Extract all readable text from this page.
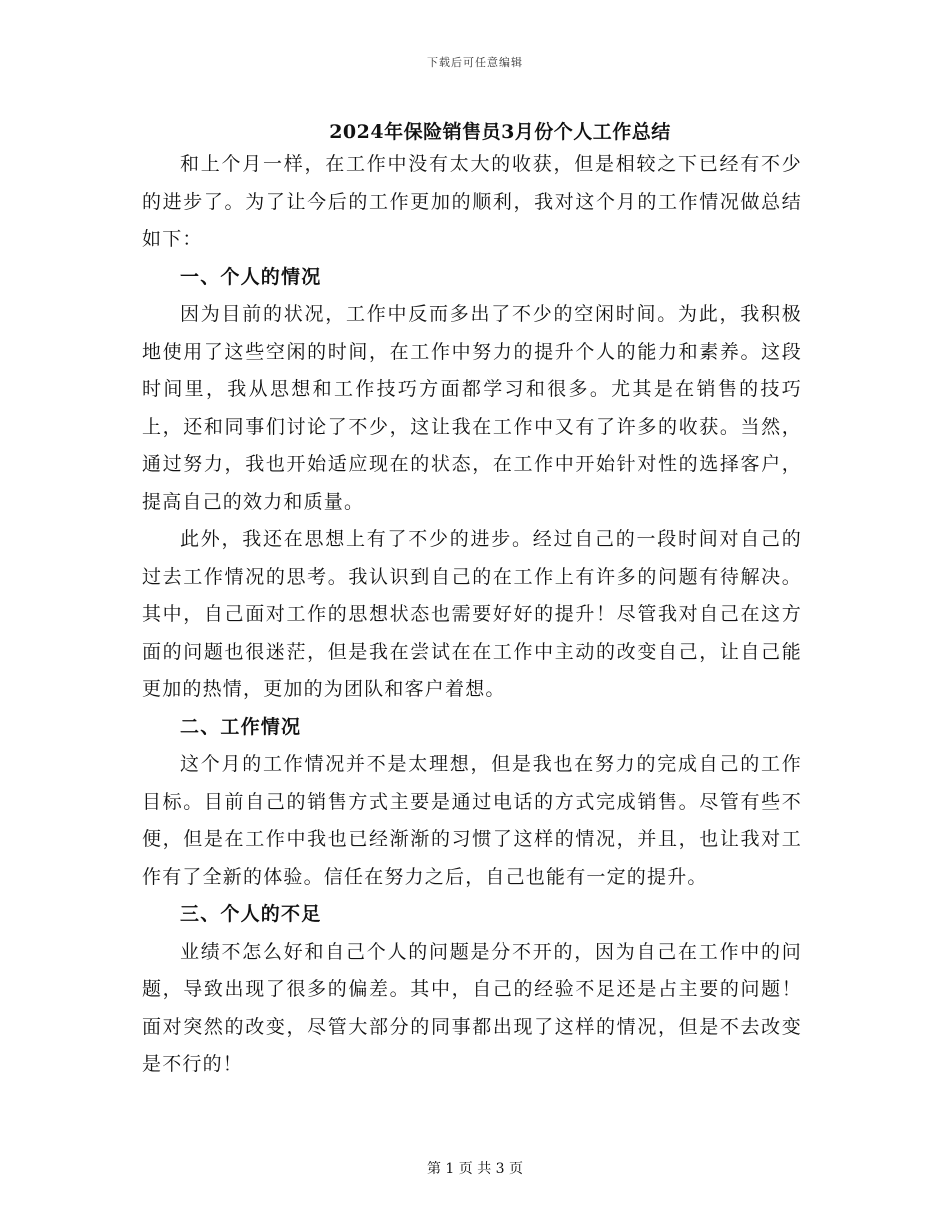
下载后可任意编辑
2024年保险销售员3月份个人工作总结

和上个月一样，在工作中没有太大的收获，但是相较之下已经有不少的进步了。为了让今后的工作更加的顺利，我对这个月的工作情况做总结如下：

一、个人的情况

因为目前的状况，工作中反而多出了不少的空闲时间。为此，我积极地使用了这些空闲的时间，在工作中努力的提升个人的能力和素养。这段时间里，我从思想和工作技巧方面都学习和很多。尤其是在销售的技巧上，还和同事们讨论了不少，这让我在工作中又有了许多的收获。当然，通过努力，我也开始适应现在的状态，在工作中开始针对性的选择客户，提高自己的效力和质量。

此外，我还在思想上有了不少的进步。经过自己的一段时间对自己的过去工作情况的思考。我认识到自己的在工作上有许多的问题有待解决。其中，自己面对工作的思想状态也需要好好的提升！尽管我对自己在这方面的问题也很迷茫，但是我在尝试在在工作中主动的改变自己，让自己能更加的热情，更加的为团队和客户着想。

二、工作情况

这个月的工作情况并不是太理想，但是我也在努力的完成自己的工作目标。目前自己的销售方式主要是通过电话的方式完成销售。尽管有些不便，但是在工作中我也已经渐渐的习惯了这样的情况，并且，也让我对工作有了全新的体验。信任在努力之后，自己也能有一定的提升。

三、个人的不足

业绩不怎么好和自己个人的问题是分不开的，因为自己在工作中的问题，导致出现了很多的偏差。其中，自己的经验不足还是占主要的问题！面对突然的改变，尽管大部分的同事都出现了这样的情况，但是不去改变是不行的！

第 1 页 共 3 页
